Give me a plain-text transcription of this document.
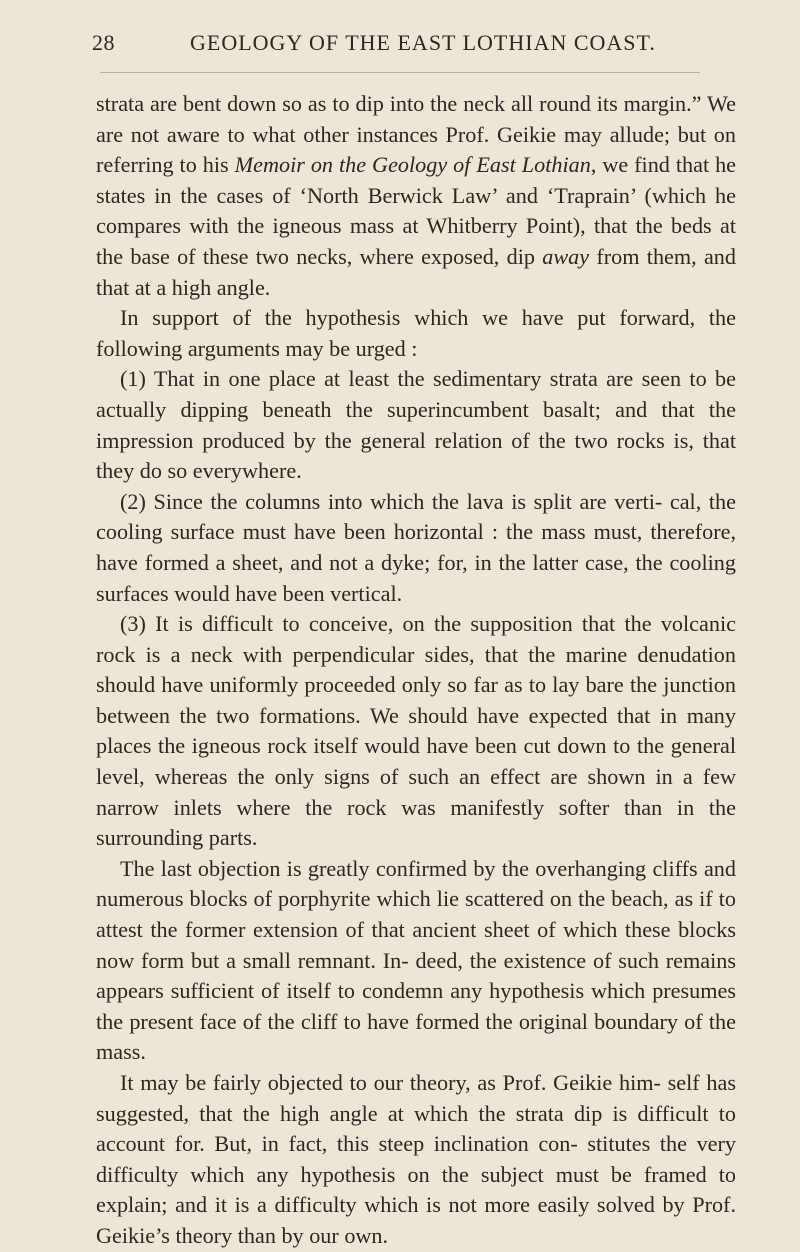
28	GEOLOGY OF THE EAST LOTHIAN COAST.

strata are bent down so as to dip into the neck all round its margin.” We are not aware to what other instances Prof. Geikie may allude; but on referring to his Memoir on the Geology of East Lothian, we find that he states in the cases of ‘North Berwick Law’ and ‘Traprain’ (which he compares with the igneous mass at Whitberry Point), that the beds at the base of these two necks, where exposed, dip away from them, and that at a high angle.

In support of the hypothesis which we have put forward, the following arguments may be urged :

(1) That in one place at least the sedimentary strata are seen to be actually dipping beneath the superincumbent basalt; and that the impression produced by the general relation of the two rocks is, that they do so everywhere.

(2) Since the columns into which the lava is split are verti- cal, the cooling surface must have been horizontal : the mass must, therefore, have formed a sheet, and not a dyke; for, in the latter case, the cooling surfaces would have been vertical.

(3) It is difficult to conceive, on the supposition that the volcanic rock is a neck with perpendicular sides, that the marine denudation should have uniformly proceeded only so far as to lay bare the junction between the two formations. We should have expected that in many places the igneous rock itself would have been cut down to the general level, whereas the only signs of such an effect are shown in a few narrow inlets where the rock was manifestly softer than in the surrounding parts.

The last objection is greatly confirmed by the overhanging cliffs and numerous blocks of porphyrite which lie scattered on the beach, as if to attest the former extension of that ancient sheet of which these blocks now form but a small remnant. In- deed, the existence of such remains appears sufficient of itself to condemn any hypothesis which presumes the present face of the cliff to have formed the original boundary of the mass.

It may be fairly objected to our theory, as Prof. Geikie him- self has suggested, that the high angle at which the strata dip is difficult to account for. But, in fact, this steep inclination con- stitutes the very difficulty which any hypothesis on the subject must be framed to explain; and it is a difficulty which is not more easily solved by Prof. Geikie’s theory than by our own.
